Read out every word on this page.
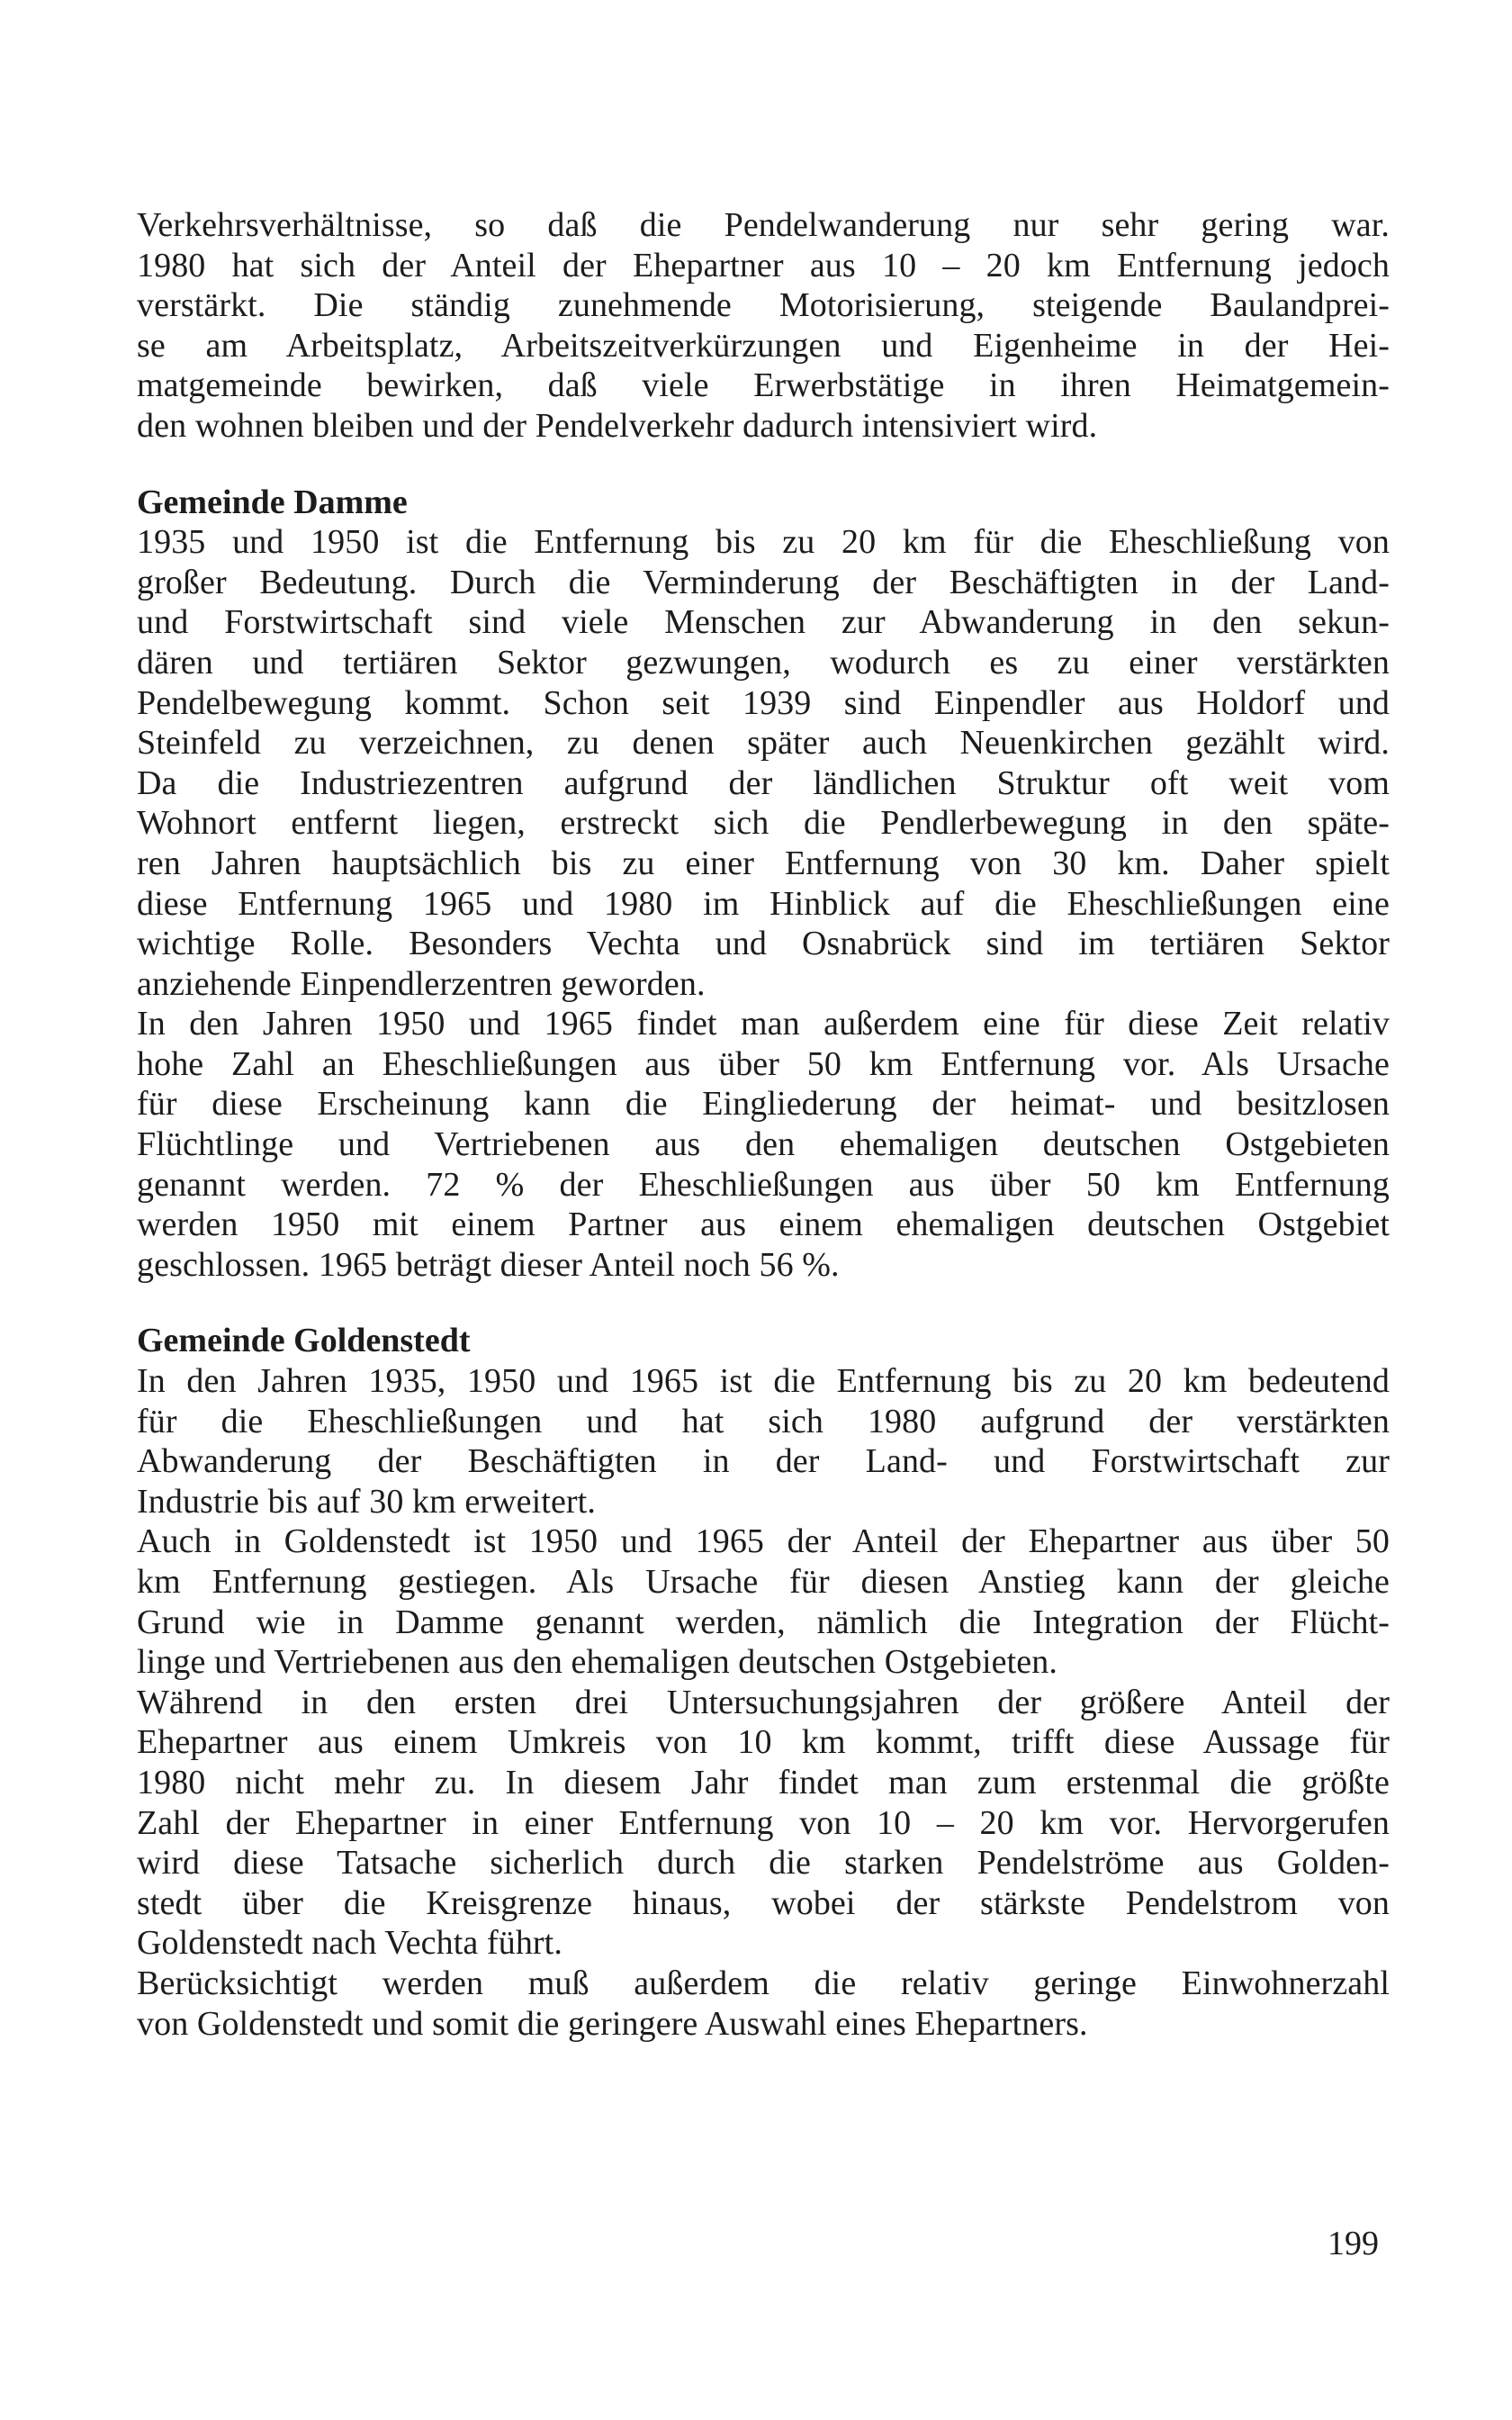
Verkehrsverhältnisse, so daß die Pendelwanderung nur sehr gering war.
1980 hat sich der Anteil der Ehepartner aus 10 – 20 km Entfernung jedoch
verstärkt. Die ständig zunehmende Motorisierung, steigende Baulandprei-
se am Arbeitsplatz, Arbeitszeitverkürzungen und Eigenheime in der Hei-
matgemeinde bewirken, daß viele Erwerbstätige in ihren Heimatgemein-
den wohnen bleiben und der Pendelverkehr dadurch intensiviert wird.
Gemeinde Damme
1935 und 1950 ist die Entfernung bis zu 20 km für die Eheschließung von
großer Bedeutung. Durch die Verminderung der Beschäftigten in der Land-
und Forstwirtschaft sind viele Menschen zur Abwanderung in den sekun-
dären und tertiären Sektor gezwungen, wodurch es zu einer verstärkten
Pendelbewegung kommt. Schon seit 1939 sind Einpendler aus Holdorf und
Steinfeld zu verzeichnen, zu denen später auch Neuenkirchen gezählt wird.
Da die Industriezentren aufgrund der ländlichen Struktur oft weit vom
Wohnort entfernt liegen, erstreckt sich die Pendlerbewegung in den späte-
ren Jahren hauptsächlich bis zu einer Entfernung von 30 km. Daher spielt
diese Entfernung 1965 und 1980 im Hinblick auf die Eheschließungen eine
wichtige Rolle. Besonders Vechta und Osnabrück sind im tertiären Sektor
anziehende Einpendlerzentren geworden.
In den Jahren 1950 und 1965 findet man außerdem eine für diese Zeit relativ
hohe Zahl an Eheschließungen aus über 50 km Entfernung vor. Als Ursache
für diese Erscheinung kann die Eingliederung der heimat- und besitzlosen
Flüchtlinge und Vertriebenen aus den ehemaligen deutschen Ostgebieten
genannt werden. 72 % der Eheschließungen aus über 50 km Entfernung
werden 1950 mit einem Partner aus einem ehemaligen deutschen Ostgebiet
geschlossen. 1965 beträgt dieser Anteil noch 56 %.
Gemeinde Goldenstedt
In den Jahren 1935, 1950 und 1965 ist die Entfernung bis zu 20 km bedeutend
für die Eheschließungen und hat sich 1980 aufgrund der verstärkten
Abwanderung der Beschäftigten in der Land- und Forstwirtschaft zur
Industrie bis auf 30 km erweitert.
Auch in Goldenstedt ist 1950 und 1965 der Anteil der Ehepartner aus über 50
km Entfernung gestiegen. Als Ursache für diesen Anstieg kann der gleiche
Grund wie in Damme genannt werden, nämlich die Integration der Flücht-
linge und Vertriebenen aus den ehemaligen deutschen Ostgebieten.
Während in den ersten drei Untersuchungsjahren der größere Anteil der
Ehepartner aus einem Umkreis von 10 km kommt, trifft diese Aussage für
1980 nicht mehr zu. In diesem Jahr findet man zum erstenmal die größte
Zahl der Ehepartner in einer Entfernung von 10 – 20 km vor. Hervorgerufen
wird diese Tatsache sicherlich durch die starken Pendelströme aus Golden-
stedt über die Kreisgrenze hinaus, wobei der stärkste Pendelstrom von
Goldenstedt nach Vechta führt.
Berücksichtigt werden muß außerdem die relativ geringe Einwohnerzahl
von Goldenstedt und somit die geringere Auswahl eines Ehepartners.
199
